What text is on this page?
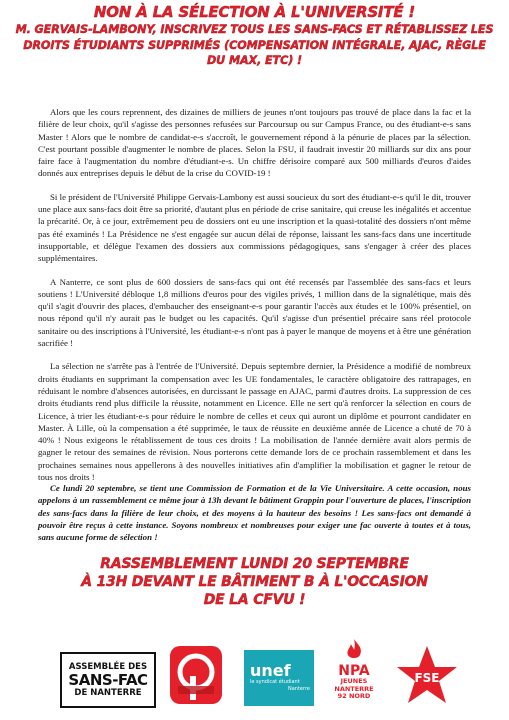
NON À LA SÉLECTION À L'UNIVERSITÉ !
M. GERVAIS-LAMBONY, INSCRIVEZ TOUS LES SANS-FACS ET RÉTABLISSEZ LES DROITS ÉTUDIANTS SUPPRIMÉS (COMPENSATION INTÉGRALE, AJAC, RÈGLE DU MAX, ETC) !

Alors que les cours reprennent, des dizaines de milliers de jeunes n'ont toujours pas trouvé de place dans la fac et la filière de leur choix, qu'il s'agisse des personnes refusées sur Parcoursup ou sur Campus France, ou des étudiant-e-s sans Master ! Alors que le nombre de candidat-e-s s'accroît, le gouvernement répond à la pénurie de places par la sélection. C'est pourtant possible d'augmenter le nombre de places. Selon la FSU, il faudrait investir 20 milliards sur dix ans pour faire face à l'augmentation du nombre d'étudiant-e-s. Un chiffre dérisoire comparé aux 500 milliards d'euros d'aides donnés aux entreprises depuis le début de la crise du COVID-19 !

Si le président de l'Université Philippe Gervais-Lambony est aussi soucieux du sort des étudiant-e-s qu'il le dit, trouver une place aux sans-facs doit être sa priorité, d'autant plus en période de crise sanitaire, qui creuse les inégalités et accentue la précarité. Or, à ce jour, extrêmement peu de dossiers ont eu une inscription et la quasi-totalité des dossiers n'ont même pas été examinés ! La Présidence ne s'est engagée sur aucun délai de réponse, laissant les sans-facs dans une incertitude insupportable, et délègue l'examen des dossiers aux commissions pédagogiques, sans s'engager à créer des places supplémentaires.

A Nanterre, ce sont plus de 600 dossiers de sans-facs qui ont été recensés par l'assemblée des sans-facs et leurs soutiens ! L'Université débloque 1,8 millions d'euros pour des vigiles privés, 1 million dans de la signalétique, mais dès qu'il s'agit d'ouvrir des places, d'embaucher des enseignant-e-s pour garantir l'accès aux études et le 100% présentiel, on nous répond qu'il n'y aurait pas le budget ou les capacités. Qu'il s'agisse d'un présentiel précaire sans réel protocole sanitaire ou des inscriptions à l'Université, les étudiant-e-s n'ont pas à payer le manque de moyens et à être une génération sacrifiée !

La sélection ne s'arrête pas à l'entrée de l'Université. Depuis septembre dernier, la Présidence a modifié de nombreux droits étudiants en supprimant la compensation avec les UE fondamentales, le caractère obligatoire des rattrapages, en réduisant le nombre d'absences autorisées, en durcissant le passage en AJAC, parmi d'autres droits. La suppression de ces droits étudiants rend plus difficile la réussite, notamment en Licence. Elle ne sert qu'à renforcer la sélection en cours de Licence, à trier les étudiant-e-s pour réduire le nombre de celles et ceux qui auront un diplôme et pourront candidater en Master. À Lille, où la compensation a été supprimée, le taux de réussite en deuxième année de Licence a chuté de 70 à 40% ! Nous exigeons le rétablissement de tous ces droits ! La mobilisation de l'année dernière avait alors permis de gagner le retour des semaines de révision. Nous porterons cette demande lors de ce prochain rassemblement et dans les prochaines semaines nous appellerons à des nouvelles initiatives afin d'amplifier la mobilisation et gagner le retour de tous nos droits !

Ce lundi 20 septembre, se tient une Commission de Formation et de la Vie Universitaire. A cette occasion, nous appelons à un rassemblement ce même jour à 13h devant le bâtiment Grappin pour l'ouverture de places, l'inscription des sans-facs dans la filière de leur choix, et des moyens à la hauteur des besoins ! Les sans-facs ont demandé à pouvoir être reçus à cette instance. Soyons nombreux et nombreuses pour exiger une fac ouverte à toutes et à tous, sans aucune forme de sélection !

RASSEMBLEMENT LUNDI 20 SEPTEMBRE
À 13H DEVANT LE BÂTIMENT B À L'OCCASION
DE LA CFVU !
ASSEMBLÉE DES
SANS-FAC
DE NANTERRE
unef
le syndicat étudiant
Nanterre
NPA
JEUNES
NANTERRE
92 NORD
FSE
